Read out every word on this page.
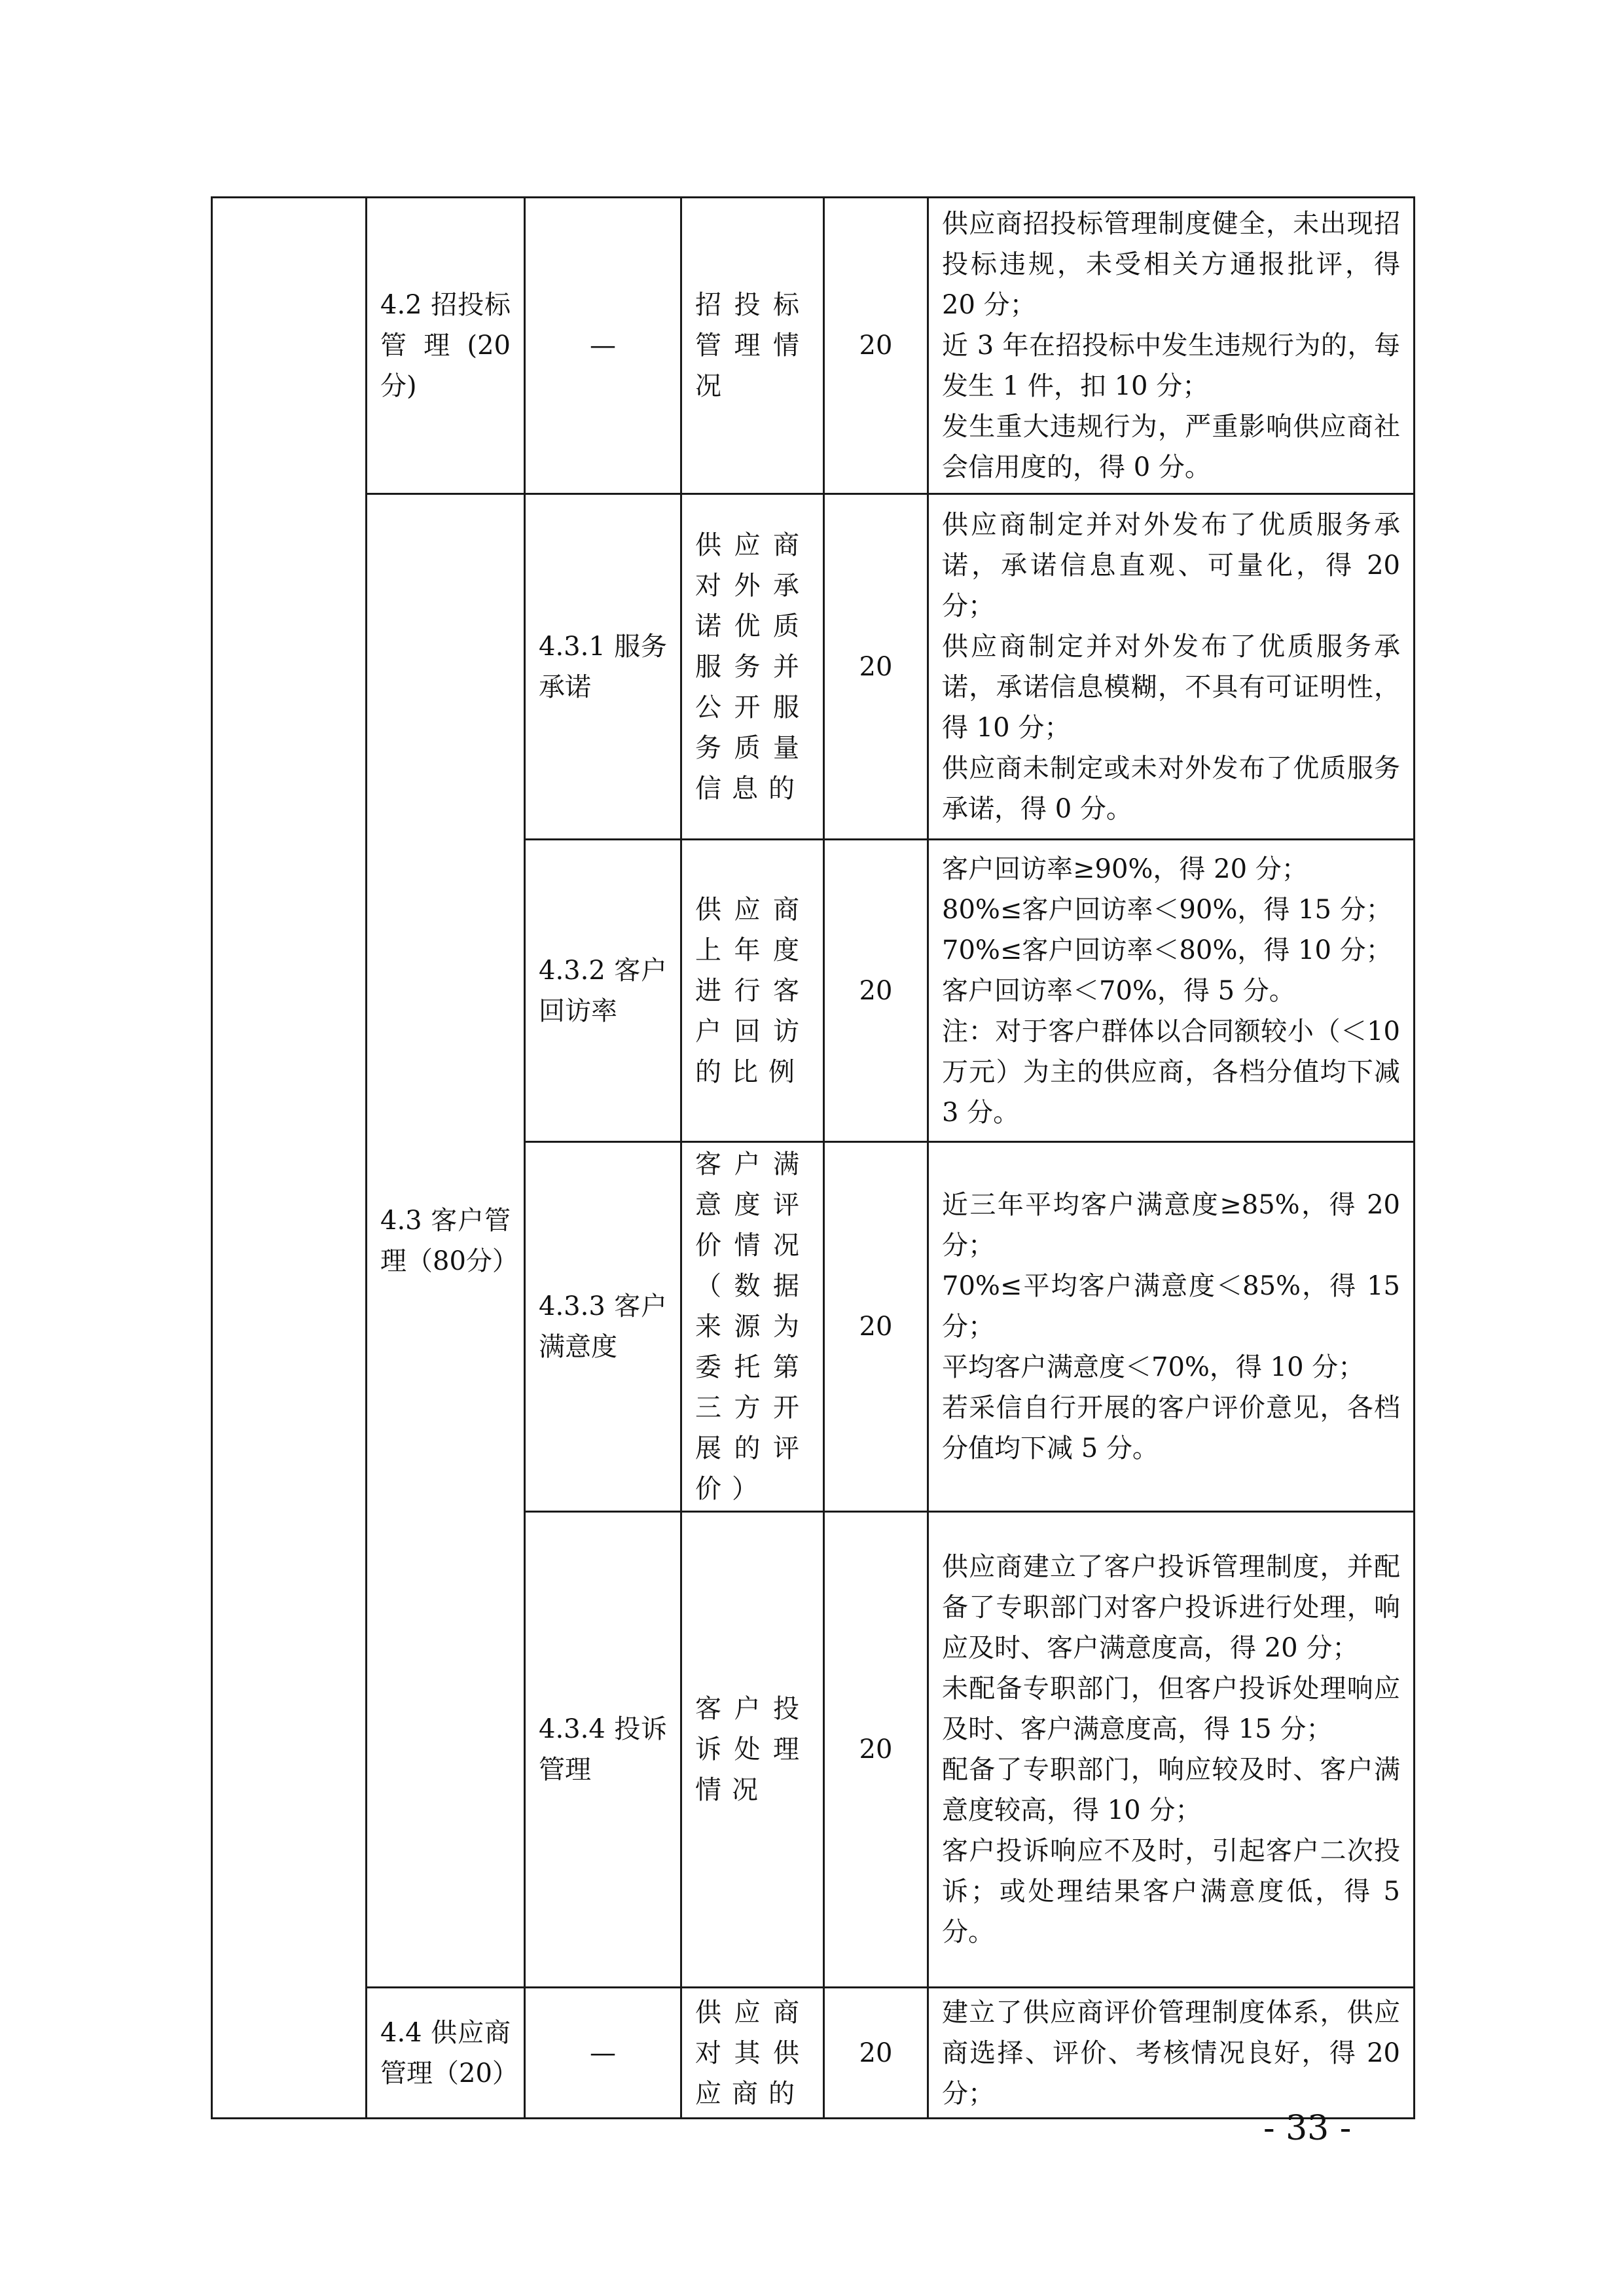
	4.2 招投标管理(20分)	—	招投标管理情况	20	供应商招投标管理制度健全，未出现招投标违规，未受相关方通报批评，得 20 分；
近 3 年在招投标中发生违规行为的，每发生 1 件，扣 10 分；
发生重大违规行为，严重影响供应商社会信用度的，得 0 分。

	4.3 客户管理（80分）	4.3.1 服务承诺	供应商对外承诺优质服务并公开服务质量信息的	20	供应商制定并对外发布了优质服务承诺，承诺信息直观、可量化，得 20 分；
供应商制定并对外发布了优质服务承诺，承诺信息模糊，不具有可证明性，得 10 分；
供应商未制定或未对外发布了优质服务承诺，得 0 分。

		4.3.2 客户回访率	供应商上年度进行客户回访的比例	20	客户回访率≥90%，得 20 分；
80%≤客户回访率＜90%，得 15 分；
70%≤客户回访率＜80%，得 10 分；
客户回访率＜70%，得 5 分。
注：对于客户群体以合同额较小（＜10 万元）为主的供应商，各档分值均下减 3 分。

		4.3.3 客户满意度	客户满意度评价情况（数据来源为委托第三方开展的评价）	20	近三年平均客户满意度≥85%，得 20 分；
70%≤平均客户满意度＜85%，得 15 分；
平均客户满意度＜70%，得 10 分；
若采信自行开展的客户评价意见，各档分值均下减 5 分。

		4.3.4 投诉管理	客户投诉处理情况	20	供应商建立了客户投诉管理制度，并配备了专职部门对客户投诉进行处理，响应及时、客户满意度高，得 20 分；
未配备专职部门，但客户投诉处理响应及时、客户满意度高，得 15 分；
配备了专职部门，响应较及时、客户满意度较高，得 10 分；
客户投诉响应不及时，引起客户二次投诉；或处理结果客户满意度低，得 5 分。

	4.4 供应商管理（20）	—	供应商对其供应商的	20	建立了供应商评价管理制度体系，供应商选择、评价、考核情况良好，得 20 分；
- 33 -
